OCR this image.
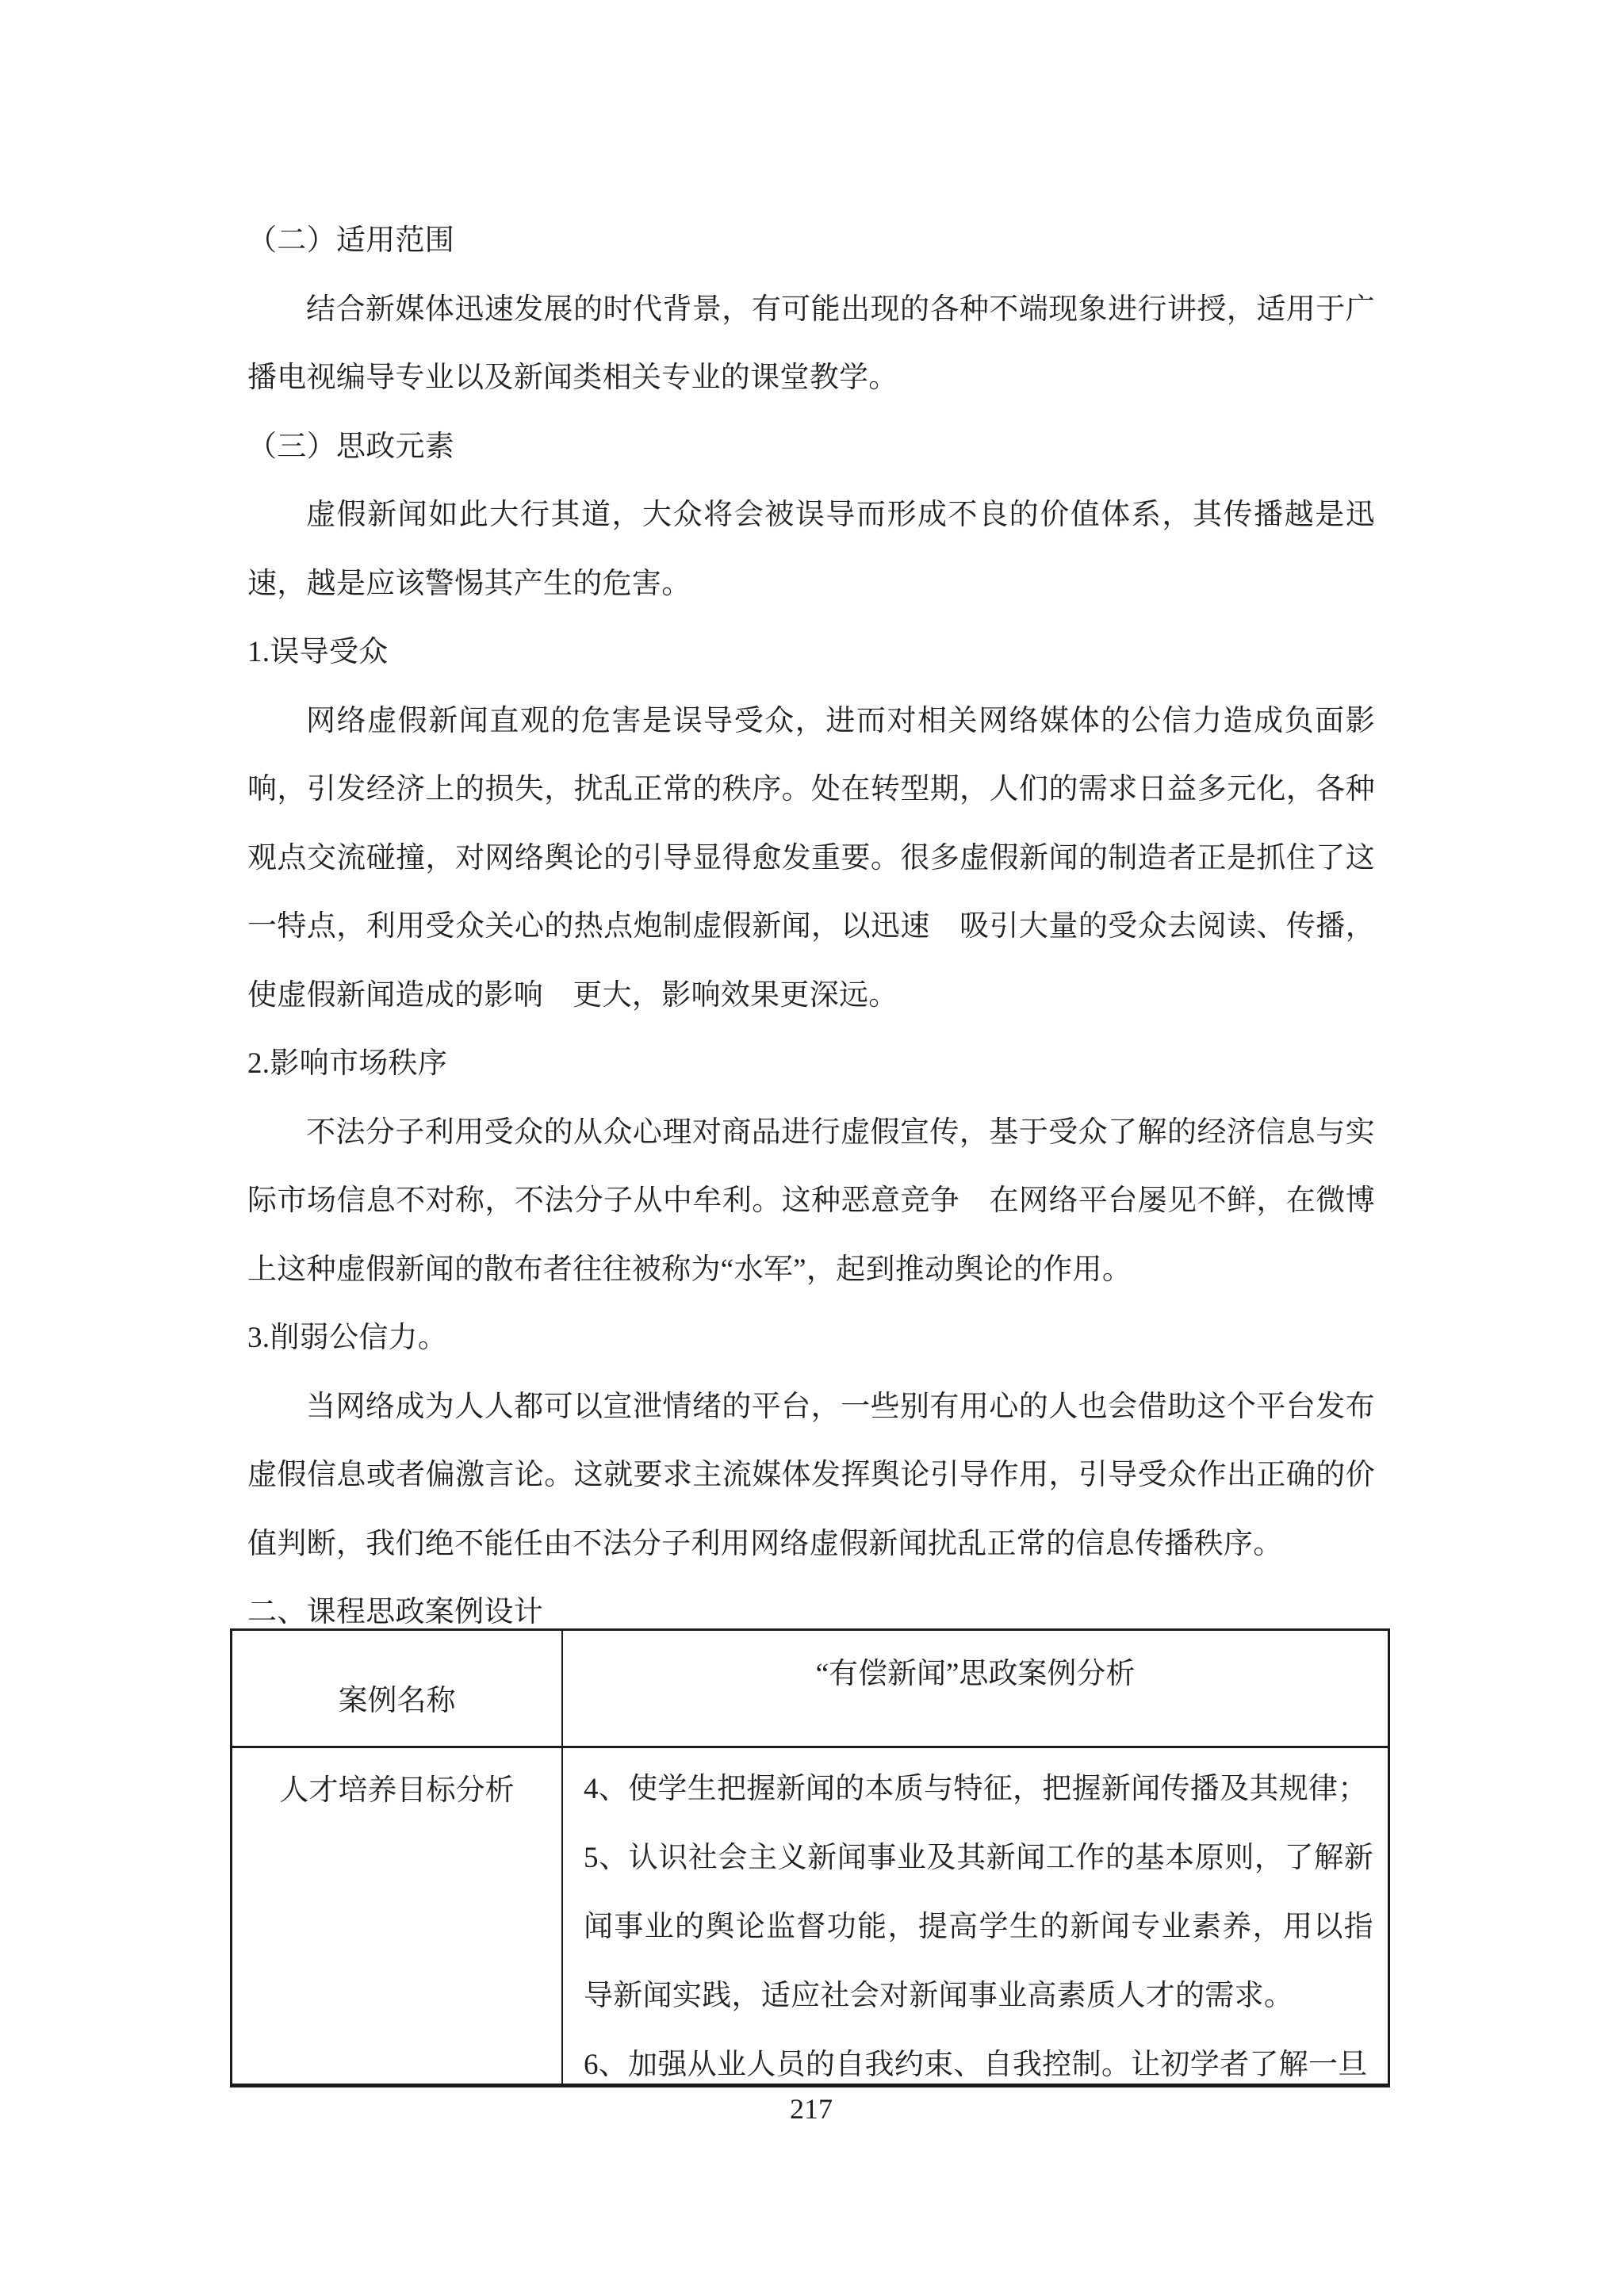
（二）适用范围

结合新媒体迅速发展的时代背景，有可能出现的各种不端现象进行讲授，适用于广播电视编导专业以及新闻类相关专业的课堂教学。

（三）思政元素

虚假新闻如此大行其道，大众将会被误导而形成不良的价值体系，其传播越是迅速，越是应该警惕其产生的危害。

1.误导受众

网络虚假新闻直观的危害是误导受众，进而对相关网络媒体的公信力造成负面影响，引发经济上的损失，扰乱正常的秩序。处在转型期，人们的需求日益多元化，各种观点交流碰撞，对网络舆论的引导显得愈发重要。很多虚假新闻的制造者正是抓住了这一特点，利用受众关心的热点炮制虚假新闻，以迅速　吸引大量的受众去阅读、传播，使虚假新闻造成的影响　更大，影响效果更深远。

2.影响市场秩序

不法分子利用受众的从众心理对商品进行虚假宣传，基于受众了解的经济信息与实际市场信息不对称，不法分子从中牟利。这种恶意竞争　在网络平台屡见不鲜，在微博上这种虚假新闻的散布者往往被称为“水军”，起到推动舆论的作用。

3.削弱公信力。

当网络成为人人都可以宣泄情绪的平台，一些别有用心的人也会借助这个平台发布虚假信息或者偏激言论。这就要求主流媒体发挥舆论引导作用，引导受众作出正确的价值判断，我们绝不能任由不法分子利用网络虚假新闻扰乱正常的信息传播秩序。

二、课程思政案例设计

案例名称
“有偿新闻”思政案例分析
人才培养目标分析	4、使学生把握新闻的本质与特征，把握新闻传播及其规律；

5、认识社会主义新闻事业及其新闻工作的基本原则，了解新闻事业的舆论监督功能，提高学生的新闻专业素养，用以指导新闻实践，适应社会对新闻事业高素质人才的需求。

6、加强从业人员的自我约束、自我控制。让初学者了解一旦

217
